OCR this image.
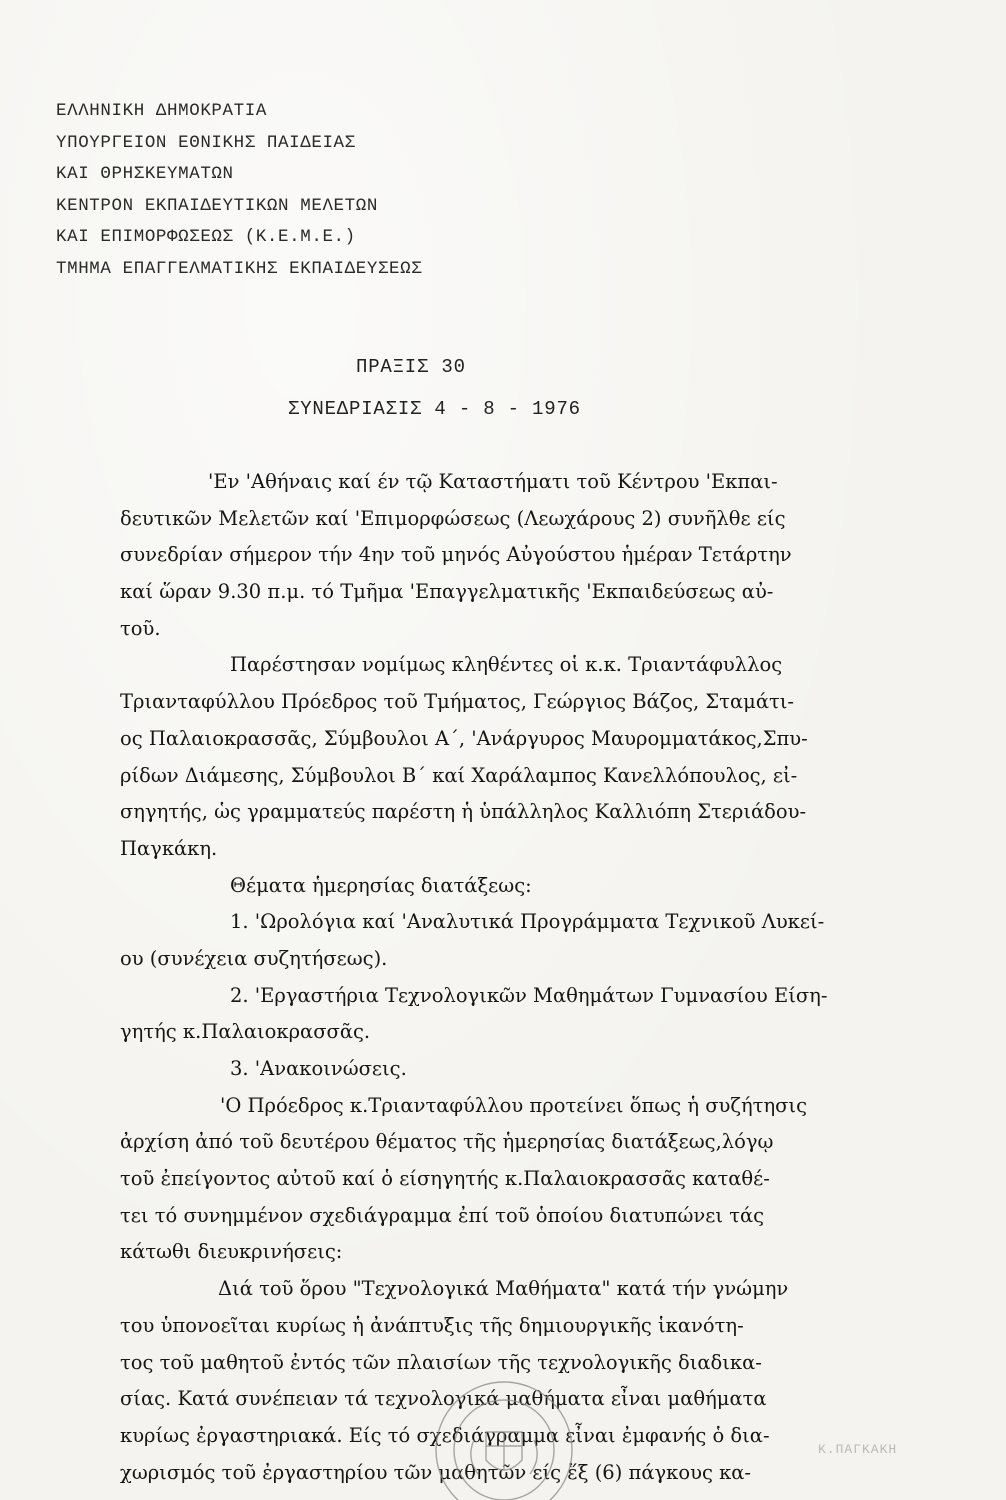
ΕΛΛΗΝΙΚΗ ΔΗΜΟΚΡΑΤΙΑ
ΥΠΟΥΡΓΕΙΟΝ ΕΘΝΙΚΗΣ ΠΑΙΔΕΙΑΣ
ΚΑΙ ΘΡΗΣΚΕΥΜΑΤΩΝ
ΚΕΝΤΡΟΝ ΕΚΠΑΙΔΕΥΤΙΚΩΝ ΜΕΛΕΤΩΝ
ΚΑΙ ΕΠΙΜΟΡΦΩΣΕΩΣ (Κ.Ε.Μ.Ε.)
ΤΜΗΜΑ ΕΠΑΓΓΕΛΜΑΤΙΚΗΣ ΕΚΠΑΙΔΕΥΣΕΩΣ
ΠΡΑΞΙΣ 30
ΣΥΝΕΔΡΙΑΣΙΣ 4 - 8 - 1976
'Εν 'Αθήναις καί έν τῷ Καταστήματι τοῦ Κέντρου 'Εκπαι-
δευτικῶν Μελετῶν καί 'Επιμορφώσεως (Λεωχάρους 2) συνῆλθε είς
συνεδρίαν σήμερον τήν 4ην τοῦ μηνός Αὐγούστου ἡμέραν Τετάρτην
καί ὥραν 9.30 π.μ. τό Τμῆμα 'Επαγγελματικῆς 'Εκπαιδεύσεως αὐ-
τοῦ.
Παρέστησαν νομίμως κληθέντες οἱ κ.κ. Τριαντάφυλλος
Τριανταφύλλου Πρόεδρος τοῦ Τμήματος, Γεώργιος Βάζος, Σταμάτι-
ος Παλαιοκρασσᾶς, Σύμβουλοι Α΄, 'Ανάργυρος Μαυρομματάκος,Σπυ-
ρίδων Διάμεσης, Σύμβουλοι Β΄ καί Χαράλαμπος Κανελλόπουλος, εἰ-
σηγητής, ὡς γραμματεύς παρέστη ἡ ὑπάλληλος Καλλιόπη Στεριάδου-
Παγκάκη.
Θέματα ἡμερησίας διατάξεως:
1. 'Ωρολόγια καί 'Αναλυτικά Προγράμματα Τεχνικοῦ Λυκεί-
ου (συνέχεια συζητήσεως).
2. 'Εργαστήρια Τεχνολογικῶν Μαθημάτων Γυμνασίου Είση-
γητής κ.Παλαιοκρασσᾶς.
3. 'Ανακοινώσεις.
'Ο Πρόεδρος κ.Τριανταφύλλου προτείνει ὅπως ἡ συζήτησις
ἀρχίση ἀπό τοῦ δευτέρου θέματος τῆς ἡμερησίας διατάξεως,λόγῳ
τοῦ ἐπείγοντος αὐτοῦ καί ὁ είσηγητής κ.Παλαιοκρασσᾶς καταθέ-
τει τό συνημμένον σχεδιάγραμμα ἐπί τοῦ ὁποίου διατυπώνει τάς
κάτωθι διευκρινήσεις:
Διά τοῦ ὅρου "Τεχνολογικά Μαθήματα" κατά τήν γνώμην
του ὑπονοεῖται κυρίως ἡ ἀνάπτυξις τῆς δημιουργικῆς ἱκανότη-
τος τοῦ μαθητοῦ ἐντός τῶν πλαισίων τῆς τεχνολογικῆς διαδικα-
σίας. Κατά συνέπειαν τά τεχνολογικά μαθήματα εἶναι μαθήματα
κυρίως ἐργαστηριακά. Είς τό σχεδιάγραμμα εἶναι ἐμφανής ὁ δια-
χωρισμός τοῦ ἐργαστηρίου τῶν μαθητῶν είς ἕξ (6) πάγκους κα-
Κ.ΠΑΓΚΑΚΗ
